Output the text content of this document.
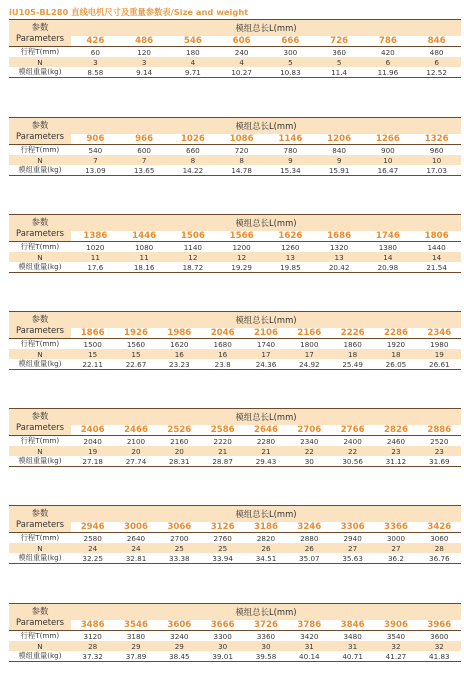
iU105-BL280 直线电机尺寸及重量参数表/Size and weight
参数
Parameters	模组总长L(mm)							
	426	486	546	606	666	726	786	846
行程T(mm)	60	120	180	240	300	360	420	480
N	3	3	4	4	5	5	6	6
模组重量(kg)	8.58	9.14	9.71	10.27	10.83	11.4	11.96	12.52
参数
Parameters	模组总长L(mm)							
	906	966	1026	1086	1146	1206	1266	1326
行程T(mm)	540	600	660	720	780	840	900	960
N	7	7	8	8	9	9	10	10
模组重量(kg)	13.09	13.65	14.22	14.78	15.34	15.91	16.47	17.03
参数
Parameters	模组总长L(mm)							
	1386	1446	1506	1566	1626	1686	1746	1806
行程T(mm)	1020	1080	1140	1200	1260	1320	1380	1440
N	11	11	12	12	13	13	14	14
模组重量(kg)	17.6	18.16	18.72	19.29	19.85	20.42	20.98	21.54
参数
Parameters	模组总长L(mm)								
	1866	1926	1986	2046	2106	2166	2226	2286	2346
行程T(mm)	1500	1560	1620	1680	1740	1800	1860	1920	1980
N	15	15	16	16	17	17	18	18	19
模组重量(kg)	22.11	22.67	23.23	23.8	24.36	24.92	25.49	26.05	26.61
参数
Parameters	模组总长L(mm)								
	2406	2466	2526	2586	2646	2706	2766	2826	2886
行程T(mm)	2040	2100	2160	2220	2280	2340	2400	2460	2520
N	19	20	20	21	21	22	22	23	23
模组重量(kg)	27.18	27.74	28.31	28.87	29.43	30	30.56	31.12	31.69
参数
Parameters	模组总长L(mm)								
	2946	3006	3066	3126	3186	3246	3306	3366	3426
行程T(mm)	2580	2640	2700	2760	2820	2880	2940	3000	3060
N	24	24	25	25	26	26	27	27	28
模组重量(kg)	32.25	32.81	33.38	33.94	34.51	35.07	35.63	36.2	36.76
参数
Parameters	模组总长L(mm)								
	3486	3546	3606	3666	3726	3786	3846	3906	3966
行程T(mm)	3120	3180	3240	3300	3360	3420	3480	3540	3600
N	28	29	29	30	30	31	31	32	32
模组重量(kg)	37.32	37.89	38.45	39.01	39.58	40.14	40.71	41.27	41.83
